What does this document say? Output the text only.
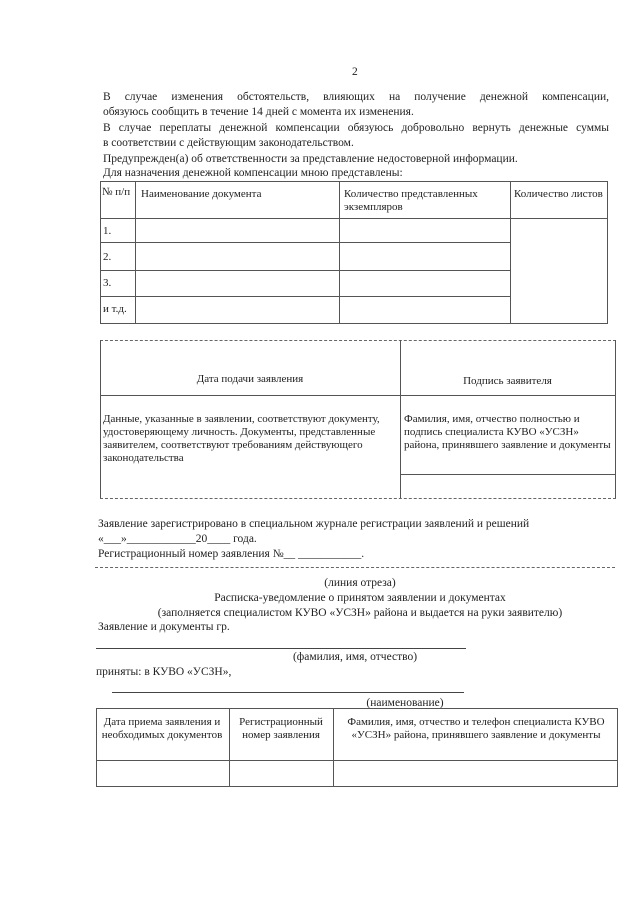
2
В случае изменения обстоятельств, влияющих на получение денежной компенсации,
обязуюсь сообщить в течение 14 дней с момента их изменения.
В случае переплаты денежной компенсации обязуюсь добровольно вернуть денежные суммы
в соответствии с действующим законодательством.
Предупрежден(а) об ответственности за представление недостоверной информации.
Для назначения денежной компенсации мною представлены:
№ п/п Наименование документа	Количество представленных экземпляров
Количество листов
1.
2.
3.
и т.д.
Дата подачи заявления	Подпись заявителя
Данные, указанные в заявлении, соответствуют документу, удостоверяющему личность. Документы, представленные заявителем, соответствуют требованиям действующего законодательства
Фамилия, имя, отчество полностью и подпись специалиста КУВО «УСЗН» района, принявшего заявление и документы
Заявление зарегистрировано в специальном журнале регистрации заявлений и решений
«___»____________20____ года.
Регистрационный номер заявления №__ ___________.
(линия отреза)
Расписка-уведомление о принятом заявлении и документах
(заполняется специалистом КУВО «УСЗН» района и выдается на руки заявителю)
Заявление и документы гр.
(фамилия, имя, отчество)
приняты: в КУВО «УСЗН»,
(наименование)
Дата приема заявления и необходимых документов
Регистрационный номер заявления
Фамилия, имя, отчество и телефон специалиста КУВО «УСЗН» района, принявшего заявление и документы
